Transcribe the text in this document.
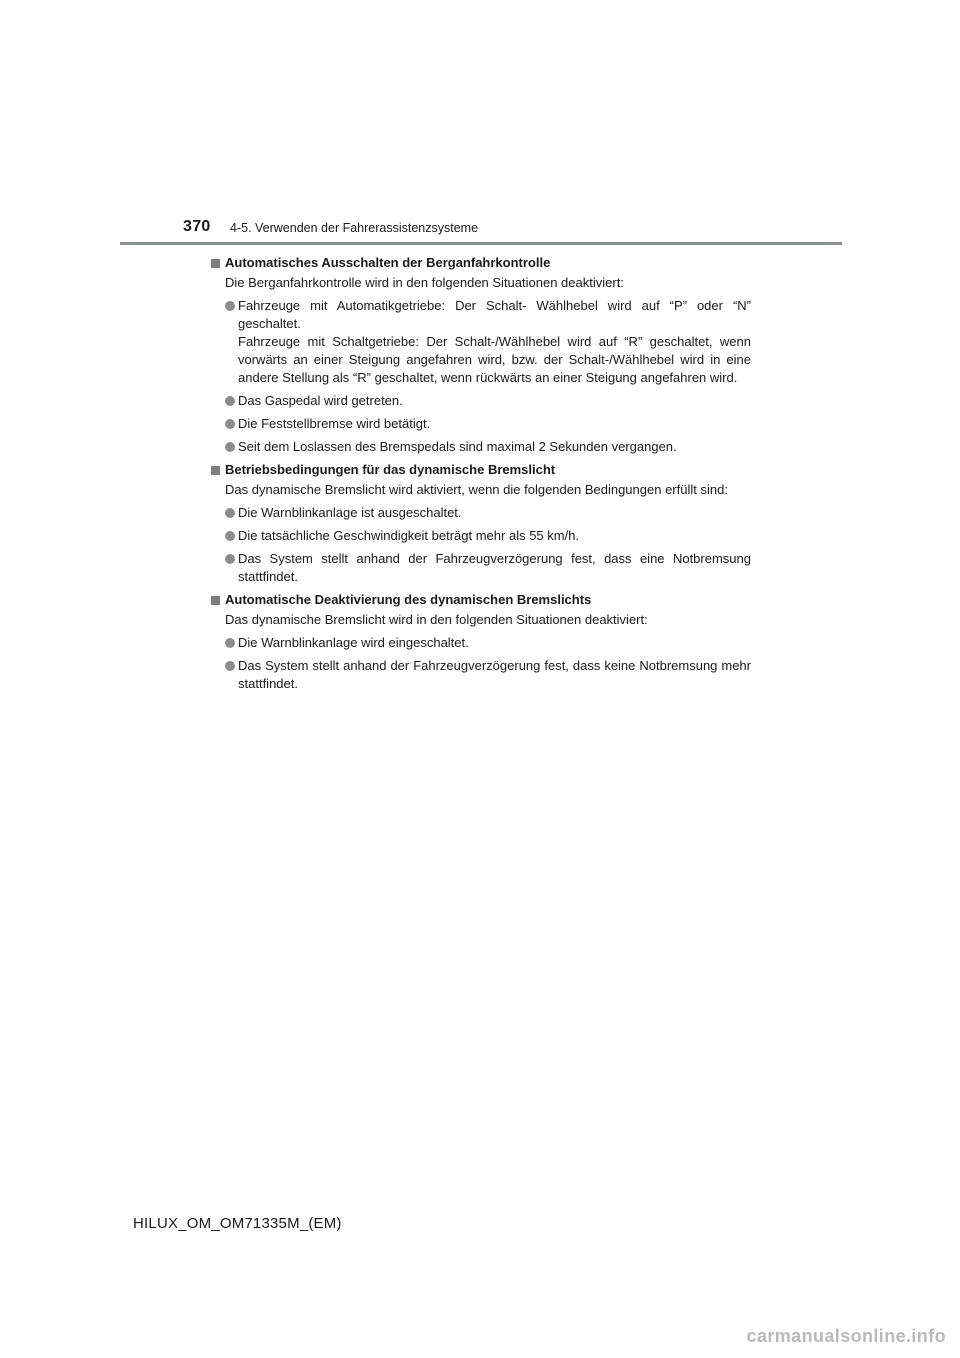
370 4-5. Verwenden der Fahrerassistenzsysteme
Automatisches Ausschalten der Berganfahrkontrolle
Die Berganfahrkontrolle wird in den folgenden Situationen deaktiviert:
Fahrzeuge mit Automatikgetriebe: Der Schalt- Wählhebel wird auf “P” oder “N” geschaltet.
Fahrzeuge mit Schaltgetriebe: Der Schalt-/Wählhebel wird auf “R” geschaltet, wenn vorwärts an einer Steigung angefahren wird, bzw. der Schalt-/Wählhebel wird in eine andere Stellung als “R” geschaltet, wenn rückwärts an einer Steigung angefahren wird.
Das Gaspedal wird getreten.
Die Feststellbremse wird betätigt.
Seit dem Loslassen des Bremspedals sind maximal 2 Sekunden vergangen.
Betriebsbedingungen für das dynamische Bremslicht
Das dynamische Bremslicht wird aktiviert, wenn die folgenden Bedingungen erfüllt sind:
Die Warnblinkanlage ist ausgeschaltet.
Die tatsächliche Geschwindigkeit beträgt mehr als 55 km/h.
Das System stellt anhand der Fahrzeugverzögerung fest, dass eine Notbremsung stattfindet.
Automatische Deaktivierung des dynamischen Bremslichts
Das dynamische Bremslicht wird in den folgenden Situationen deaktiviert:
Die Warnblinkanlage wird eingeschaltet.
Das System stellt anhand der Fahrzeugverzögerung fest, dass keine Notbremsung mehr stattfindet.
HILUX_OM_OM71335M_(EM)
carmanualsonline.info
